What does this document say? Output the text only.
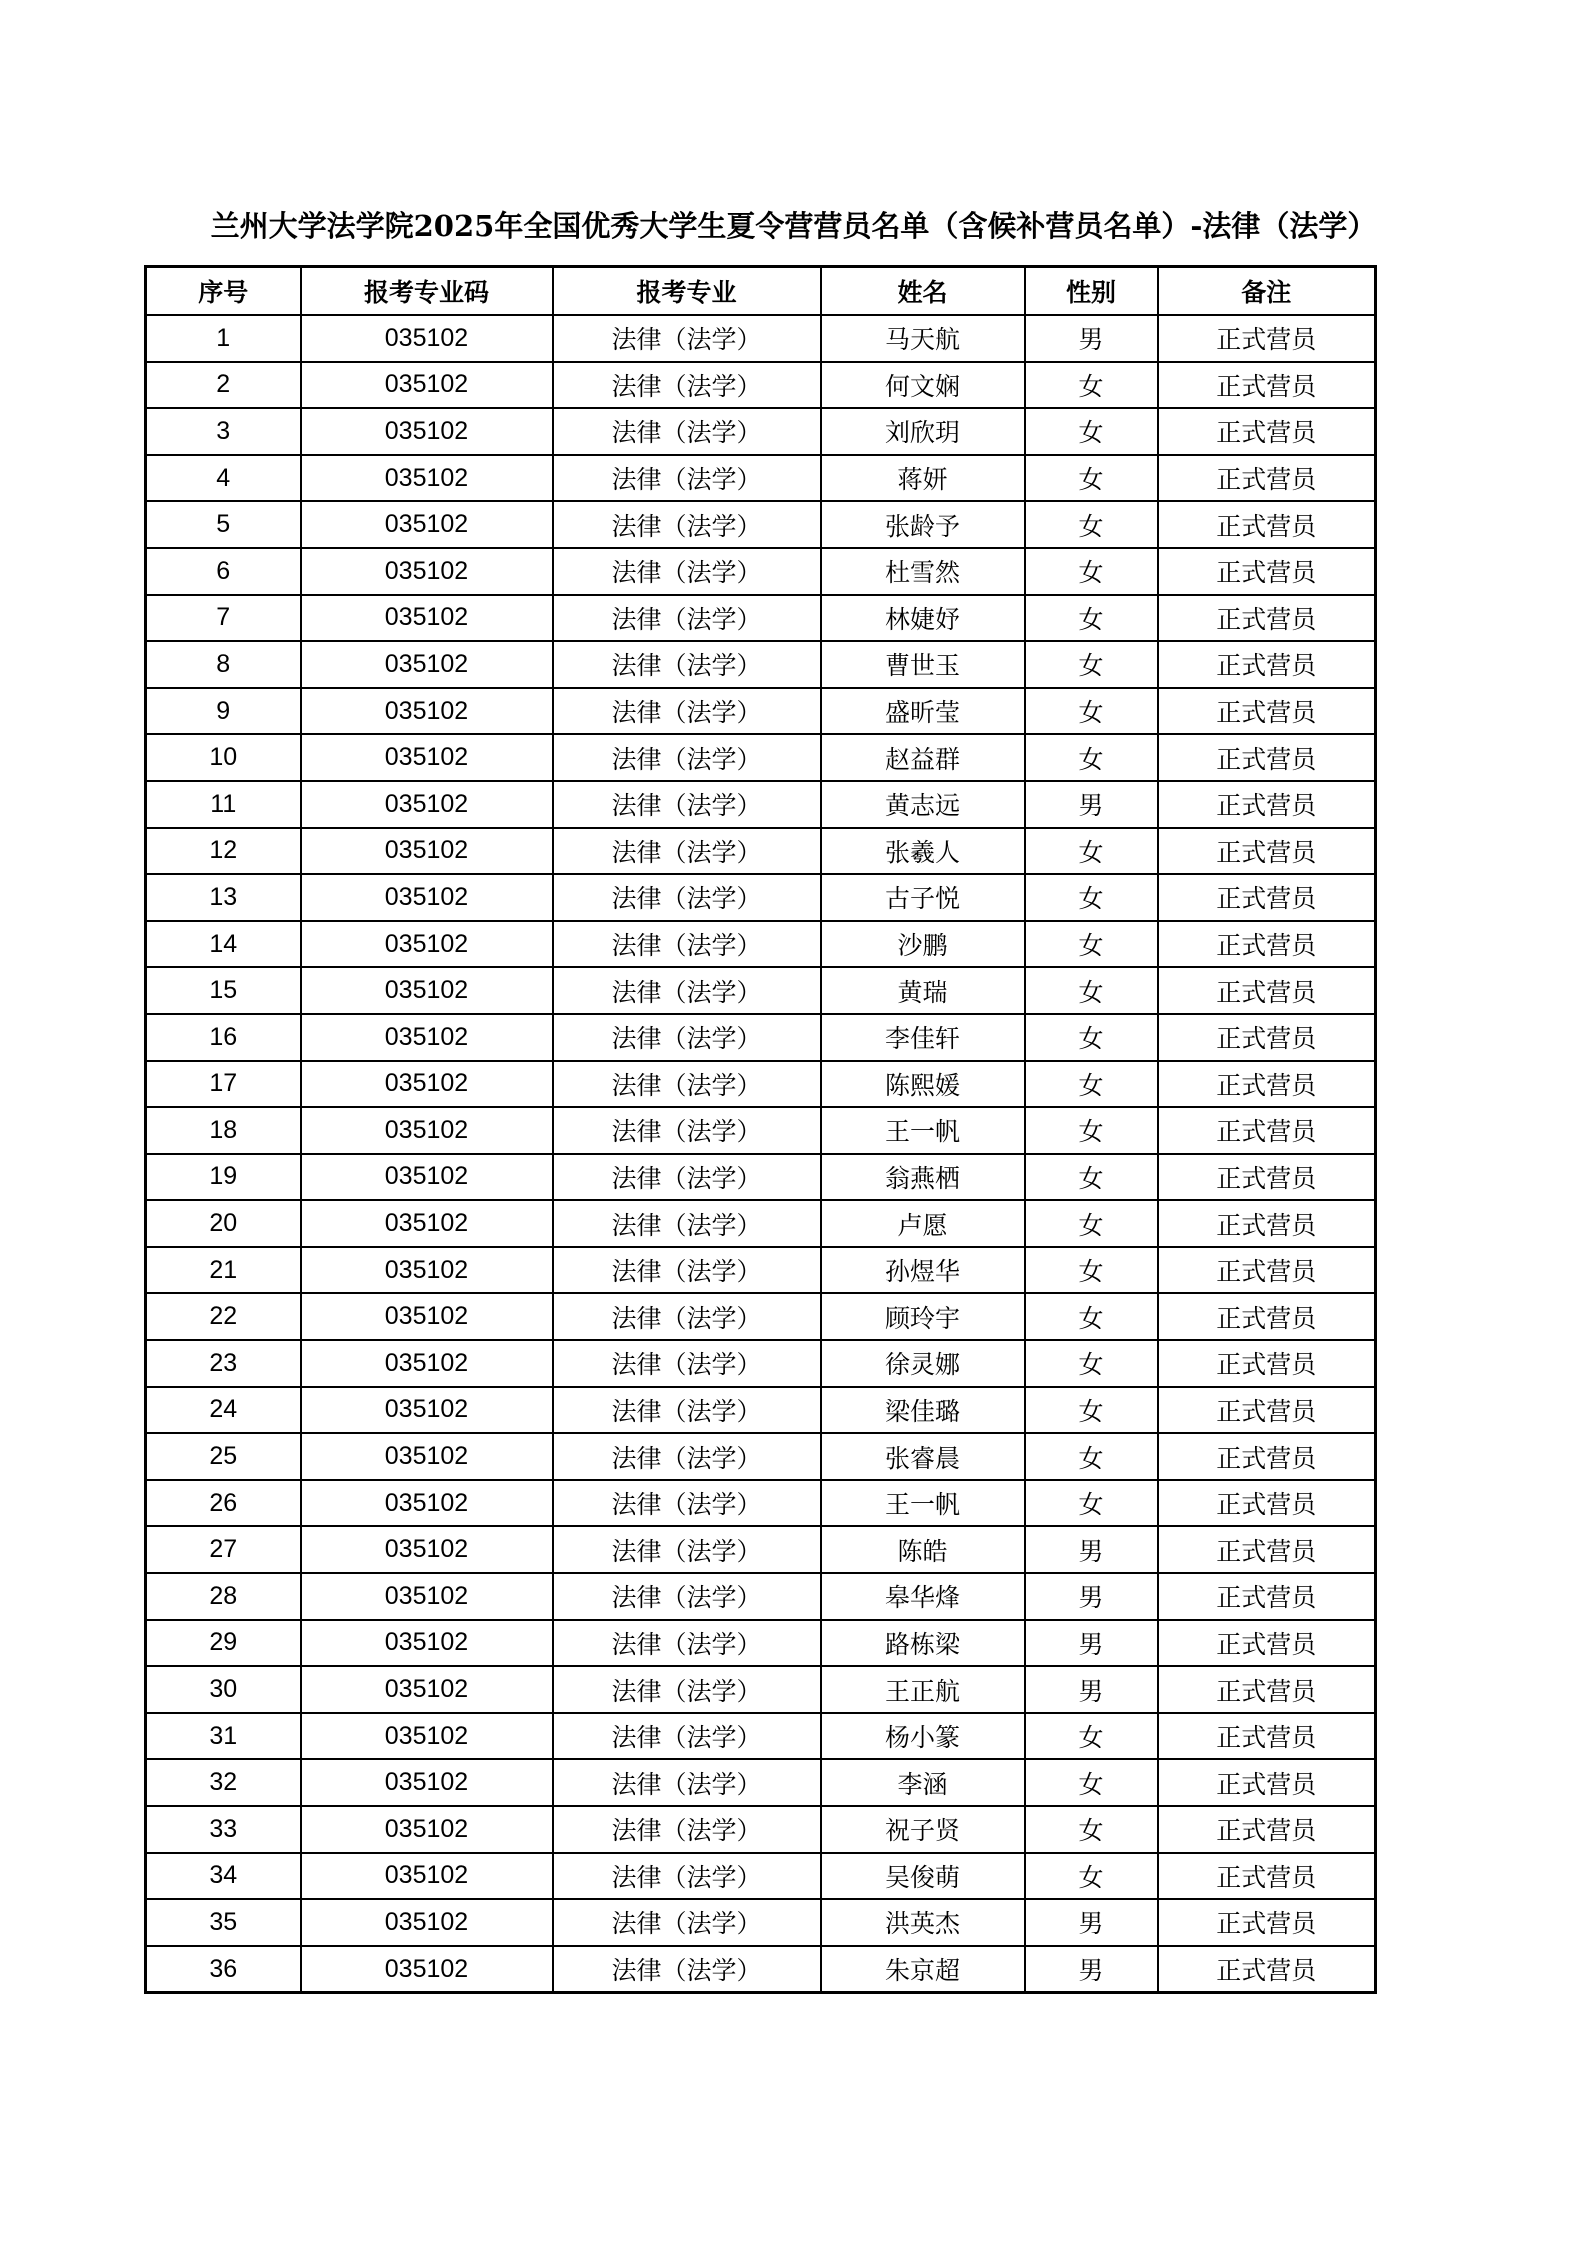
兰州大学法学院2025年全国优秀大学生夏令营营员名单（含候补营员名单）-法律（法学）
序号	报考专业码	报考专业	姓名	性别	备注
1	035102	法律（法学）	马天航	男	正式营员
2	035102	法律（法学）	何文娴	女	正式营员
3	035102	法律（法学）	刘欣玥	女	正式营员
4	035102	法律（法学）	蒋妍	女	正式营员
5	035102	法律（法学）	张龄予	女	正式营员
6	035102	法律（法学）	杜雪然	女	正式营员
7	035102	法律（法学）	林婕妤	女	正式营员
8	035102	法律（法学）	曹世玉	女	正式营员
9	035102	法律（法学）	盛昕莹	女	正式营员
10	035102	法律（法学）	赵益群	女	正式营员
11	035102	法律（法学）	黄志远	男	正式营员
12	035102	法律（法学）	张羲人	女	正式营员
13	035102	法律（法学）	古子悦	女	正式营员
14	035102	法律（法学）	沙鹏	女	正式营员
15	035102	法律（法学）	黄瑞	女	正式营员
16	035102	法律（法学）	李佳轩	女	正式营员
17	035102	法律（法学）	陈熙媛	女	正式营员
18	035102	法律（法学）	王一帆	女	正式营员
19	035102	法律（法学）	翁燕栖	女	正式营员
20	035102	法律（法学）	卢愿	女	正式营员
21	035102	法律（法学）	孙煜华	女	正式营员
22	035102	法律（法学）	顾玲宇	女	正式营员
23	035102	法律（法学）	徐灵娜	女	正式营员
24	035102	法律（法学）	梁佳璐	女	正式营员
25	035102	法律（法学）	张睿晨	女	正式营员
26	035102	法律（法学）	王一帆	女	正式营员
27	035102	法律（法学）	陈皓	男	正式营员
28	035102	法律（法学）	皋华烽	男	正式营员
29	035102	法律（法学）	路栋梁	男	正式营员
30	035102	法律（法学）	王正航	男	正式营员
31	035102	法律（法学）	杨小篆	女	正式营员
32	035102	法律（法学）	李涵	女	正式营员
33	035102	法律（法学）	祝子贤	女	正式营员
34	035102	法律（法学）	吴俊萌	女	正式营员
35	035102	法律（法学）	洪英杰	男	正式营员
36	035102	法律（法学）	朱京超	男	正式营员
